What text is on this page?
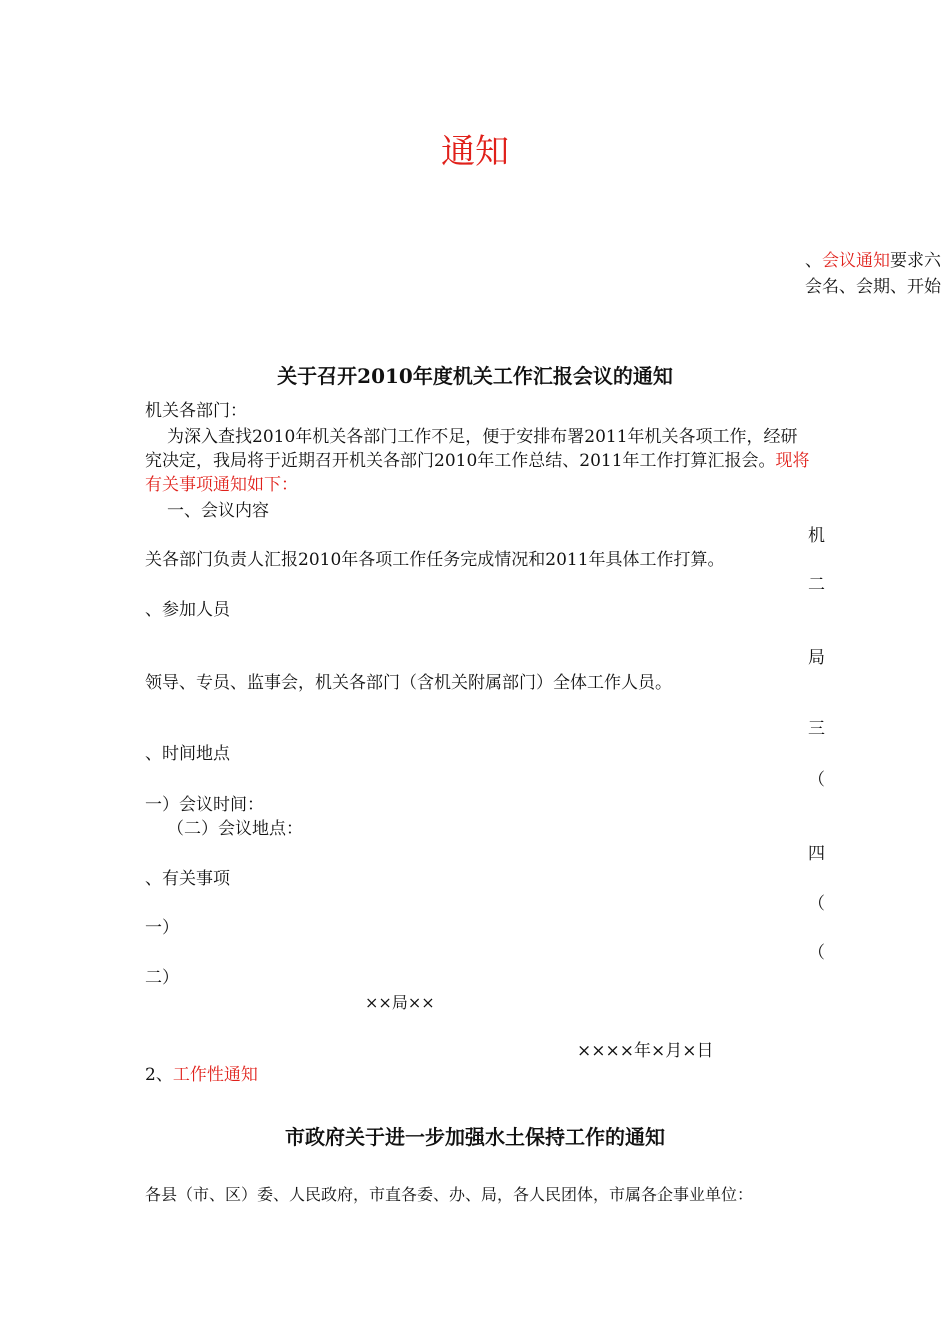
通知
、会议通知要求六
会名、会期、开始
关于召开2010年度机关工作汇报会议的通知
机关各部门：
为深入查找2010年机关各部门工作不足，便于安排布署2011年机关各项工作，经研究决定，我局将于近期召开机关各部门2010年工作总结、2011年工作打算汇报会。现将有关事项通知如下：
一、会议内容
机
关各部门负责人汇报2010年各项工作任务完成情况和2011年具体工作打算。
二
、参加人员
局
领导、专员、监事会，机关各部门（含机关附属部门）全体工作人员。
三
、时间地点
（
一）会议时间：
（二）会议地点：
四
、有关事项
（
一）
（
二）
××局××
××××年×月×日
2、工作性通知
市政府关于进一步加强水土保持工作的通知
各县（市、区）委、人民政府，市直各委、办、局，各人民团体，市属各企事业单位：
